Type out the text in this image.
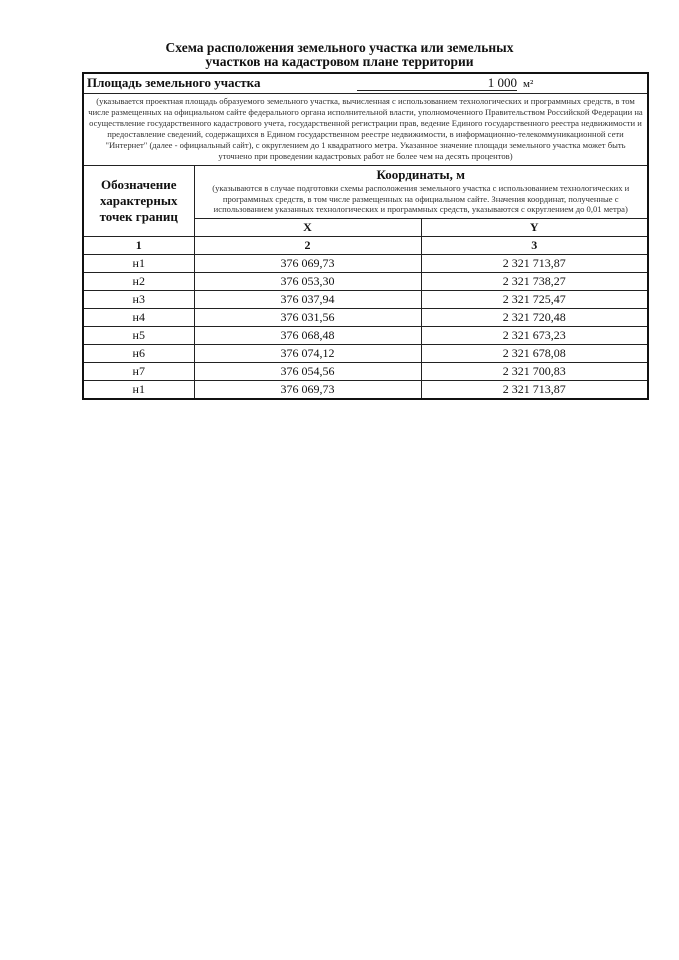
Схема расположения земельного участка или земельных
участков на кадастровом плане территории
Площадь земельного участка 1 000 м²		
(указывается проектная площадь образуемого земельного участка, вычисленная с использованием технологических и программных средств, в том числе размещенных на официальном сайте федерального органа исполнительной власти, уполномоченного Правительством Российской Федерации на осуществление государственного кадастрового учета, государственной регистрации прав, ведение Единого государственного реестра недвижимости и предоставление сведений, содержащихся в Едином государственном реестре недвижимости, в информационно-телекоммуникационной сети "Интернет" (далее - официальный сайт), с округлением до 1 квадратного метра. Указанное значение площади земельного участка может быть уточнено при проведении кадастровых работ не более чем на десять процентов)		
Обозначение характерных точек границ	Координаты, м
(указываются в случае подготовки схемы расположения земельного участка с использованием технологических и программных средств, в том числе размещенных на официальном сайте. Значения координат, полученные с использованием указанных технологических и программных средств, указываются с округлением до 0,01 метра)	

	X	Y
1	2	3
н1	376 069,73	2 321 713,87
н2	376 053,30	2 321 738,27
н3	376 037,94	2 321 725,47
н4	376 031,56	2 321 720,48
н5	376 068,48	2 321 673,23
н6	376 074,12	2 321 678,08
н7	376 054,56	2 321 700,83
н1	376 069,73	2 321 713,87
